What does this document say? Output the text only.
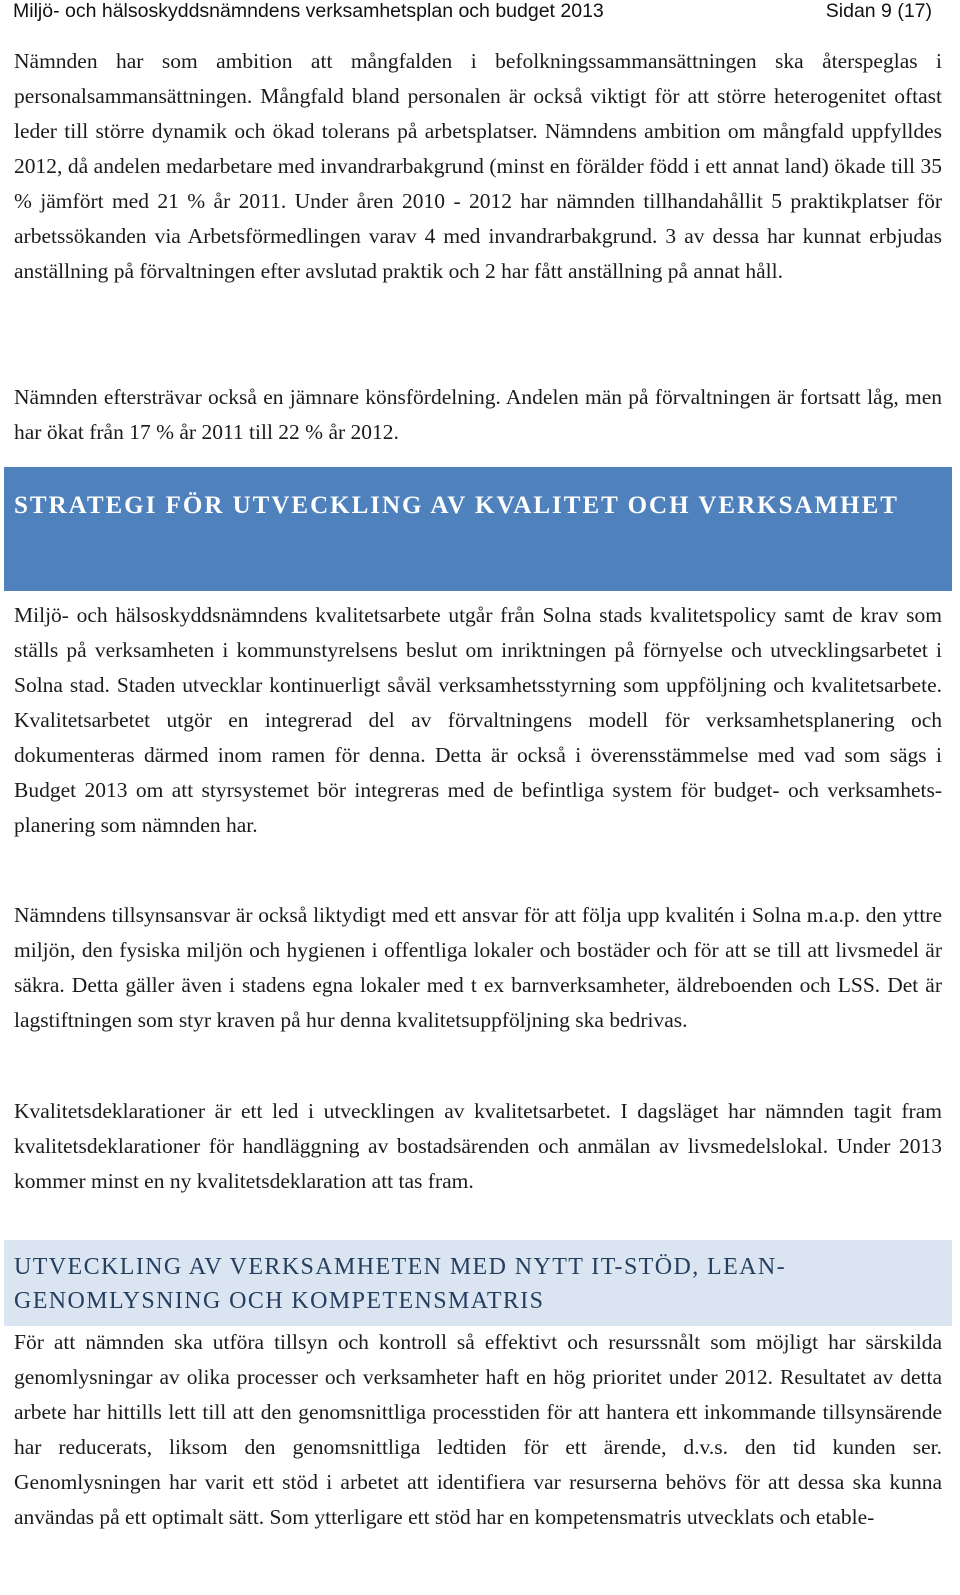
Miljö- och hälsoskyddsnämndens verksamhetsplan och budget 2013	Sidan 9 (17)

Nämnden har som ambition att mångfalden i befolkningssammansättningen ska återspeglas i personalsammansättningen. Mångfald bland personalen är också viktigt för att större heterogenitet oftast leder till större dynamik och ökad tolerans på arbetsplatser. Nämndens ambition om mångfald uppfylldes 2012, då andelen medarbetare med invandrarbakgrund (minst en förälder född i ett annat land) ökade till 35 % jämfört med 21 % år 2011. Under åren 2010 - 2012 har nämnden tillhandahållit 5 praktikplatser för arbetssökanden via Arbetsförmedlingen varav 4 med invandrarbakgrund. 3 av dessa har kunnat erbjudas anställning på förvaltningen efter avslutad praktik och 2 har fått anställning på annat håll.

Nämnden eftersträvar också en jämnare könsfördelning. Andelen män på förvaltningen är fortsatt låg, men har ökat från 17 % år 2011 till 22 % år 2012.

STRATEGI FÖR UTVECKLING AV KVALITET OCH VERKSAMHET

Miljö- och hälsoskyddsnämndens kvalitetsarbete utgår från Solna stads kvalitetspolicy samt de krav som ställs på verksamheten i kommunstyrelsens beslut om inriktningen på förnyelse och utvecklingsarbetet i Solna stad. Staden utvecklar kontinuerligt såväl verksamhetsstyrning som uppföljning och kvalitetsarbete. Kvalitetsarbetet utgör en integrerad del av förvaltningens modell för verksamhetsplanering och dokumenteras därmed inom ramen för denna. Detta är också i överensstämmelse med vad som sägs i Budget 2013 om att styrsystemet bör integreras med de befintliga system för budget- och verksamhets- planering som nämnden har.

Nämndens tillsynsansvar är också liktydigt med ett ansvar för att följa upp kvalitén i Solna m.a.p. den yttre miljön, den fysiska miljön och hygienen i offentliga lokaler och bostäder och för att se till att livsmedel är säkra. Detta gäller även i stadens egna lokaler med t ex barnverksamheter, äldreboenden och LSS. Det är lagstiftningen som styr kraven på hur denna kvalitetsuppföljning ska bedrivas.

Kvalitetsdeklarationer är ett led i utvecklingen av kvalitetsarbetet. I dagsläget har nämnden tagit fram kvalitetsdeklarationer för handläggning av bostadsärenden och anmälan av livsmedelslokal. Under 2013 kommer minst en ny kvalitetsdeklaration att tas fram.

UTVECKLING AV VERKSAMHETEN MED NYTT IT-STÖD, LEAN-GENOMLYSNING OCH KOMPETENSMATRIS

För att nämnden ska utföra tillsyn och kontroll så effektivt och resurssnålt som möjligt har särskilda genomlysningar av olika processer och verksamheter haft en hög prioritet under 2012. Resultatet av detta arbete har hittills lett till att den genomsnittliga processtiden för att hantera ett inkommande tillsynsärende har reducerats, liksom den genomsnittliga ledtiden för ett ärende, d.v.s. den tid kunden ser. Genomlysningen har varit ett stöd i arbetet att identifiera var resurserna behövs för att dessa ska kunna användas på ett optimalt sätt. Som ytterligare ett stöd har en kompetensmatris utvecklats och etable-
